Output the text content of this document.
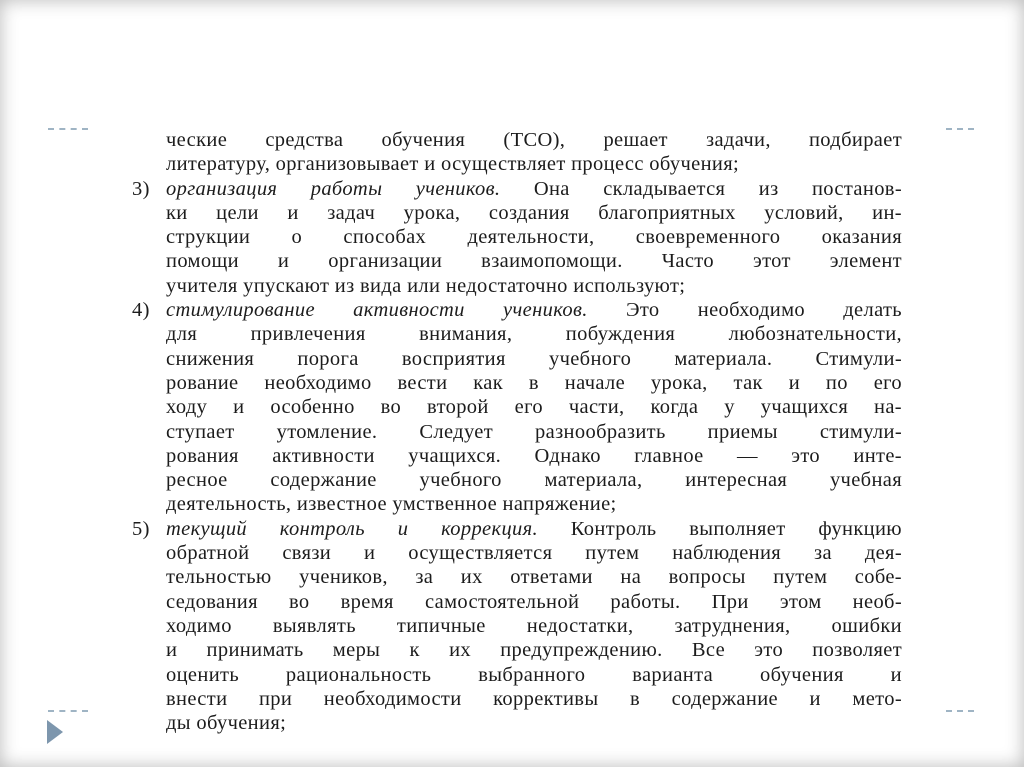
ческие средства обучения (ТСО), решает задачи, подбирает
литературу, организовывает и осуществляет процесс обучения;
3) организация работы учеников. Она складывается из постанов-
ки цели и задач урока, создания благоприятных условий, ин-
струкции о способах деятельности, своевременного оказания
помощи и организации взаимопомощи. Часто этот элемент
учителя упускают из вида или недостаточно используют;
4) стимулирование активности учеников. Это необходимо делать
для привлечения внимания, побуждения любознательности,
снижения порога восприятия учебного материала. Стимули-
рование необходимо вести как в начале урока, так и по его
ходу и особенно во второй его части, когда у учащихся на-
ступает утомление. Следует разнообразить приемы стимули-
рования активности учащихся. Однако главное — это инте-
ресное содержание учебного материала, интересная учебная
деятельность, известное умственное напряжение;
5) текущий контроль и коррекция. Контроль выполняет функцию
обратной связи и осуществляется путем наблюдения за дея-
тельностью учеников, за их ответами на вопросы путем собе-
седования во время самостоятельной работы. При этом необ-
ходимо выявлять типичные недостатки, затруднения, ошибки
и принимать меры к их предупреждению. Все это позволяет
оценить рациональность выбранного варианта обучения и
внести при необходимости коррективы в содержание и мето-
ды обучения;
